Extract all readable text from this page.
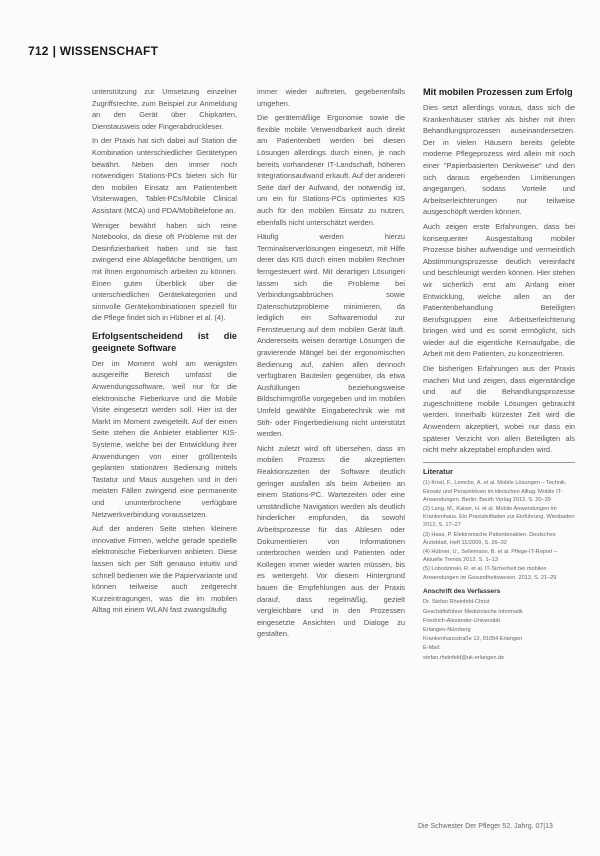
712 | WISSENSCHAFT

unterstützung zur Umsetzung einzelner Zugriffsrechte, zum Beispiel zur Anmeldung an den Gerät über Chipkarten, Dienstausweis oder Fingerabdruckleser.

In der Praxis hat sich dabei auf Station die Kombination unterschiedlicher Gerätetypen bewährt. Neben den immer noch notwendigen Stations-PCs bieten sich für den mobilen Einsatz am Patientenbett Visitenwagen, Tablet-PCs/Mobile Clinical Assistant (MCA) und PDA/Mobiltelefone an.

Weniger bewährt haben sich reine Notebooks, da diese oft Probleme mit der Desinfizierbarkeit haben und sie fast zwingend eine Ablagefläche benötigen, um mit ihnen ergonomisch arbeiten zu können. Einen guten Überblick über die unterschiedlichen Gerätekategorien und sinnvolle Gerätekombinationen speziell für die Pflege findet sich in Hübner et al. (4).

Erfolgsentscheidend ist die geeignete Software

Der im Moment wohl am wenigsten ausgereifte Bereich umfasst die Anwendungssoftware, weil nur für die elektronische Fieberkurve und die Mobile Visite eingesetzt werden soll. Hier ist der Markt im Moment zweigeteilt. Auf der einen Seite stehen die Anbieter etablierter KIS-Systeme, welche bei der Entwicklung ihrer Anwendungen von einer größtenteils geplanten stationären Bedienung mittels Tastatur und Maus ausgehen und in den meisten Fällen zwingend eine permanente und ununterbrochene verfügbare Netzwerkverbindung voraussetzen.

Auf der anderen Seite stehen kleinere innovative Firmen, welche gerade spezielle elektronische Fieberkurven anbieten. Diese lassen sich per Stift genauso intuitiv und schnell bedienen wie die Papiervariante und können teilweise auch zeitgerecht Kurzeintragungen, was die im mobilen Alltag mit einem WLAN fast zwangsläufig

immer wieder auftreten, gegebenenfalls umgehen.

Die gerätemäßige Ergonomie sowie die flexible mobile Verwendbarkeit auch direkt am Patientenbett werden bei diesen Lösungen allerdings durch einen, je nach bereits vorhandener IT-Landschaft, höheren Integrationsaufwand erkauft. Auf der anderen Seite darf der Aufwand, der notwendig ist, um ein für Stations-PCs optimiertes KIS auch für den mobilen Einsatz zu nutzen, ebenfalls nicht unterschätzt werden.

Häufig werden hierzu Terminalserverlösungen eingesetzt, mit Hilfe derer das KIS durch einen mobilen Rechner ferngesteuert wird. Mit derartigen Lösungen lassen sich die Probleme bei Verbindungsabbrüchen sowie Datenschutzprobleme minimieren, da lediglich ein Softwaremodul zur Fernsteuerung auf dem mobilen Gerät läuft. Andererseits weisen derartige Lösungen die gravierende Mängel bei der ergonomischen Bedienung auf, zahlen allen dennoch verfügbaren Bauteilen gegenüber, da etwa Ausfüllungen beziehungsweise Bildschirmgröße vorgegeben und im mobilen Umfeld gewählte Eingabetechnik wie mit Stift- oder Fingerbedienung nicht unterstützt werden.

Nicht zuletzt wird oft übersehen, dass im mobilen Prozess die akzeptierten Reaktionszeiten der Software deutlich geringer ausfallen als beim Arbeiten an einem Stations-PC. Wartezeiten oder eine umständliche Navigation werden als deutlich hinderlicher empfunden, da sowohl Arbeitsprozesse für das Ablesen oder Dokumentieren von Informationen unterbrochen werden und Patienten oder Kollegen immer wieder warten müssen, bis es weitergeht. Vor diesem Hintergrund bauen die Empfehlungen aus der Praxis darauf, dass regelmäßig, gezielt vergleichbare und in den Prozessen eingesetzte Ansichten und Dialoge zu gestalten.

Mit mobilen Prozessen zum Erfolg

Dies setzt allerdings voraus, dass sich die Krankenhäuser stärker als bisher mit ihren Behandlungsprozessen auseinandersetzen. Der in vielen Häusern bereits gelebte moderne Pflegeprozess wird allein mit noch einer "Papierbasierten Denkweise" und den sich daraus ergebenden Limitierungen angegangen, sodass Vorteile und Arbeitserleichterungen nur teilweise ausgeschöpft werden können.

Auch zeigen erste Erfahrungen, dass bei konsequenter Ausgestaltung mobiler Prozesse bisher aufwendige und vermeintlich Abstimmungsprozesse deutlich vereinfacht und beschleunigt werden können. Hier stehen wir sicherlich erst am Anfang einer Entwicklung, welche allen an der Patientenbehandlung Beteiligten Berufsgruppen eine Arbeitserleichterung bringen wird und es somit ermöglicht, sich wieder auf die eigentliche Kernaufgabe, die Arbeit mit dem Patienten, zu konzentrieren.

Die bisherigen Erfahrungen aus der Praxis machen Mut und zeigen, dass eigenständige und auf die Behandlungsprozesse zugeschnittene mobile Lösungen gebraucht werden. Innerhalb kürzester Zeit wird die Anwendern akzeptiert, wobei nur dass ein späterer Verzicht von allen Beteiligten als nicht mehr akzeptabel empfunden wird.

Literatur

(1) Kristl, F., Lemcke, A. et al. Mobile Lösungen – Technik, Einsatz und Perspektiven im klinischen Alltag. Mobile IT-Anwendungen. Berlin: Beuth Verlag 2012. S. 20–39

(2) Lang, M., Kaiser, H. et al. Mobile Anwendungen im Krankenhaus. Ein Praxisleitfaden zur Einführung. Wiesbaden 2012, S. 17–27

(3) Haas, P. Elektronische Patientenakten. Deutsches Ärzteblatt, Heft 11/2009, S. 26–32

(4) Hübner, U., Sellemann, B. et al. Pflege-IT-Report – Aktuelle Trends 2012. S. 1–13

(5) Lobodzinski, R. et al. IT-Sicherheit bei mobilen Anwendungen im Gesundheitswesen. 2013, S. 21–29

Anschrift des Verfassers

Dr. Stefan Rheinfeld-Christ

Geschäftsführer Medizinische Informatik

Friedrich-Alexander-Universität

Erlangen-Nürnberg

Krankenhausstraße 12, 91054 Erlangen

E-Mail:

stefan.rheinfeld@uk-erlangen.de

Die Schwester Der Pfleger 52. Jahrg. 07|13
